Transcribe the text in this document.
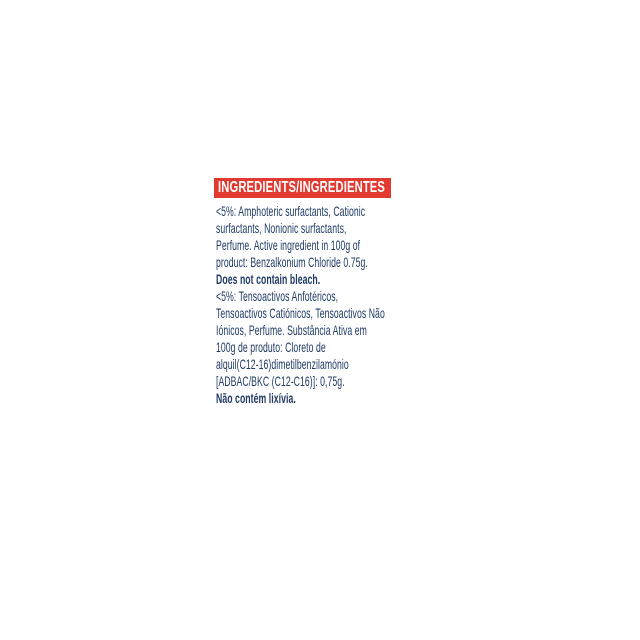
INGREDIENTS/INGREDIENTES
<5%: Amphoteric surfactants, Cationic
surfactants, Nonionic surfactants,
Perfume. Active ingredient in 100g of
product: Benzalkonium Chloride 0.75g.
Does not contain bleach.
<5%: Tensoactivos Anfotéricos,
Tensoactivos Catiónicos, Tensoactivos Não
Iónicos, Perfume. Substância Ativa em
100g de produto: Cloreto de
alquil(C12-16)dimetilbenzilamónio
[ADBAC/BKC (C12-C16)]: 0,75g.
Não contém lixívia.
